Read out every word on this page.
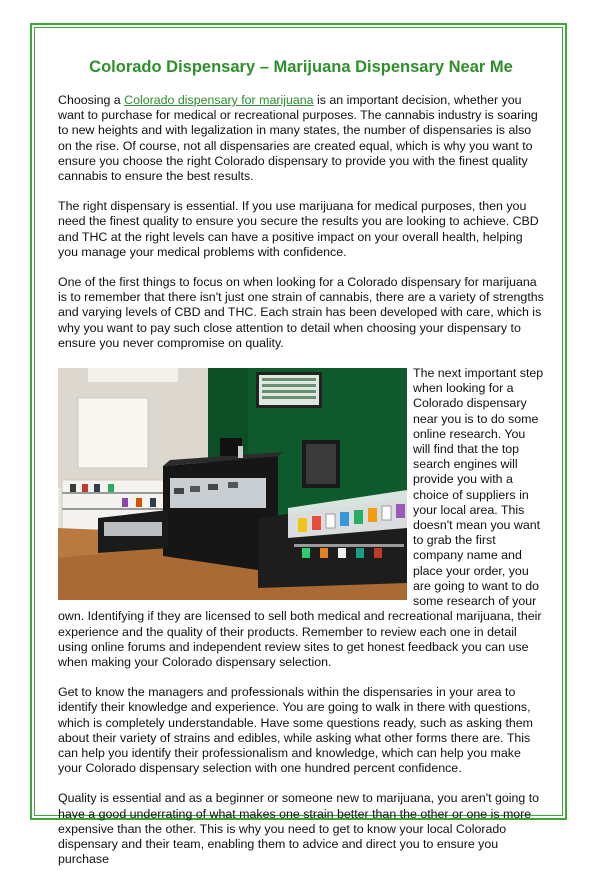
Colorado Dispensary – Marijuana Dispensary Near Me

Choosing a Colorado dispensary for marijuana is an important decision, whether you want to purchase for medical or recreational purposes. The cannabis industry is soaring to new heights and with legalization in many states, the number of dispensaries is also on the rise. Of course, not all dispensaries are created equal, which is why you want to ensure you choose the right Colorado dispensary to provide you with the finest quality cannabis to ensure the best results.

The right dispensary is essential. If you use marijuana for medical purposes, then you need the finest quality to ensure you secure the results you are looking to achieve. CBD and THC at the right levels can have a positive impact on your overall health, helping you manage your medical problems with confidence.

One of the first things to focus on when looking for a Colorado dispensary for marijuana is to remember that there isn't just one strain of cannabis, there are a variety of strengths and varying levels of CBD and THC. Each strain has been developed with care, which is why you want to pay such close attention to detail when choosing your dispensary to ensure you never compromise on quality.

The next important step when looking for a Colorado dispensary near you is to do some online research. You will find that the top search engines will provide you with a choice of suppliers in your local area. This doesn't mean you want to grab the first company name and place your order, you are going to want to do some research of your own. Identifying if they are licensed to sell both medical and recreational marijuana, their experience and the quality of their products. Remember to review each one in detail using online forums and independent review sites to get honest feedback you can use when making your Colorado dispensary selection.

Get to know the managers and professionals within the dispensaries in your area to identify their knowledge and experience. You are going to walk in there with questions, which is completely understandable. Have some questions ready, such as asking them about their variety of strains and edibles, while asking what other forms there are. This can help you identify their professionalism and knowledge, which can help you make your Colorado dispensary selection with one hundred percent confidence.

Quality is essential and as a beginner or someone new to marijuana, you aren't going to have a good underrating of what makes one strain better than the other or one is more expensive than the other. This is why you need to get to know your local Colorado dispensary and their team, enabling them to advice and direct you to ensure you purchase
